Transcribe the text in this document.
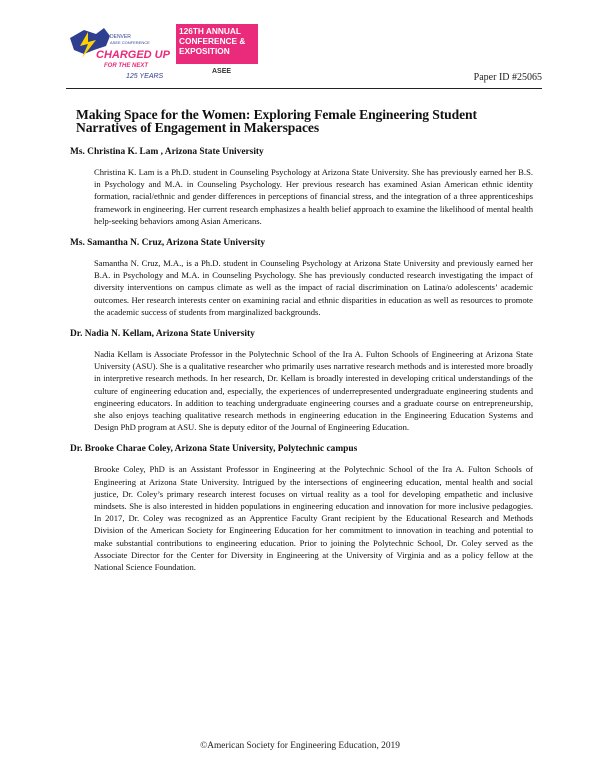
DENVER
ASEE CONFERENCE
CHARGED UP
FOR THE NEXT
125 YEARS
126TH ANNUAL
CONFERENCE &
EXPOSITION
ASEE
Paper ID #25065
Making Space for the Women: Exploring Female Engineering Student Narratives of Engagement in Makerspaces
Ms. Christina K. Lam , Arizona State University

Christina K. Lam is a Ph.D. student in Counseling Psychology at Arizona State University. She has previously earned her B.S. in Psychology and M.A. in Counseling Psychology. Her previous research has examined Asian American ethnic identity formation, racial/ethnic and gender differences in perceptions of financial stress, and the integration of a three apprenticeships framework in engineering. Her current research emphasizes a health belief approach to examine the likelihood of mental health help-seeking behaviors among Asian Americans.

Ms. Samantha N. Cruz, Arizona State University

Samantha N. Cruz, M.A., is a Ph.D. student in Counseling Psychology at Arizona State University and previously earned her B.A. in Psychology and M.A. in Counseling Psychology. She has previously conducted research investigating the impact of diversity interventions on campus climate as well as the impact of racial discrimination on Latina/o adolescents’ academic outcomes. Her research interests center on examining racial and ethnic disparities in education as well as resources to promote the academic success of students from marginalized backgrounds.

Dr. Nadia N. Kellam, Arizona State University

Nadia Kellam is Associate Professor in the Polytechnic School of the Ira A. Fulton Schools of Engineering at Arizona State University (ASU). She is a qualitative researcher who primarily uses narrative research methods and is interested more broadly in interpretive research methods. In her research, Dr. Kellam is broadly interested in developing critical understandings of the culture of engineering education and, especially, the experiences of underrepresented undergraduate engineering students and engineering educators. In addition to teaching undergraduate engineering courses and a graduate course on entrepreneurship, she also enjoys teaching qualitative research methods in engineering education in the Engineering Education Systems and Design PhD program at ASU. She is deputy editor of the Journal of Engineering Education.

Dr. Brooke Charae Coley, Arizona State University, Polytechnic campus

Brooke Coley, PhD is an Assistant Professor in Engineering at the Polytechnic School of the Ira A. Fulton Schools of Engineering at Arizona State University. Intrigued by the intersections of engineering education, mental health and social justice, Dr. Coley’s primary research interest focuses on virtual reality as a tool for developing empathetic and inclusive mindsets. She is also interested in hidden populations in engineering education and innovation for more inclusive pedagogies. In 2017, Dr. Coley was recognized as an Apprentice Faculty Grant recipient by the Educational Research and Methods Division of the American Society for Engineering Education for her commitment to innovation in teaching and potential to make substantial contributions to engineering education. Prior to joining the Polytechnic School, Dr. Coley served as the Associate Director for the Center for Diversity in Engineering at the University of Virginia and as a policy fellow at the National Science Foundation.

©American Society for Engineering Education, 2019
